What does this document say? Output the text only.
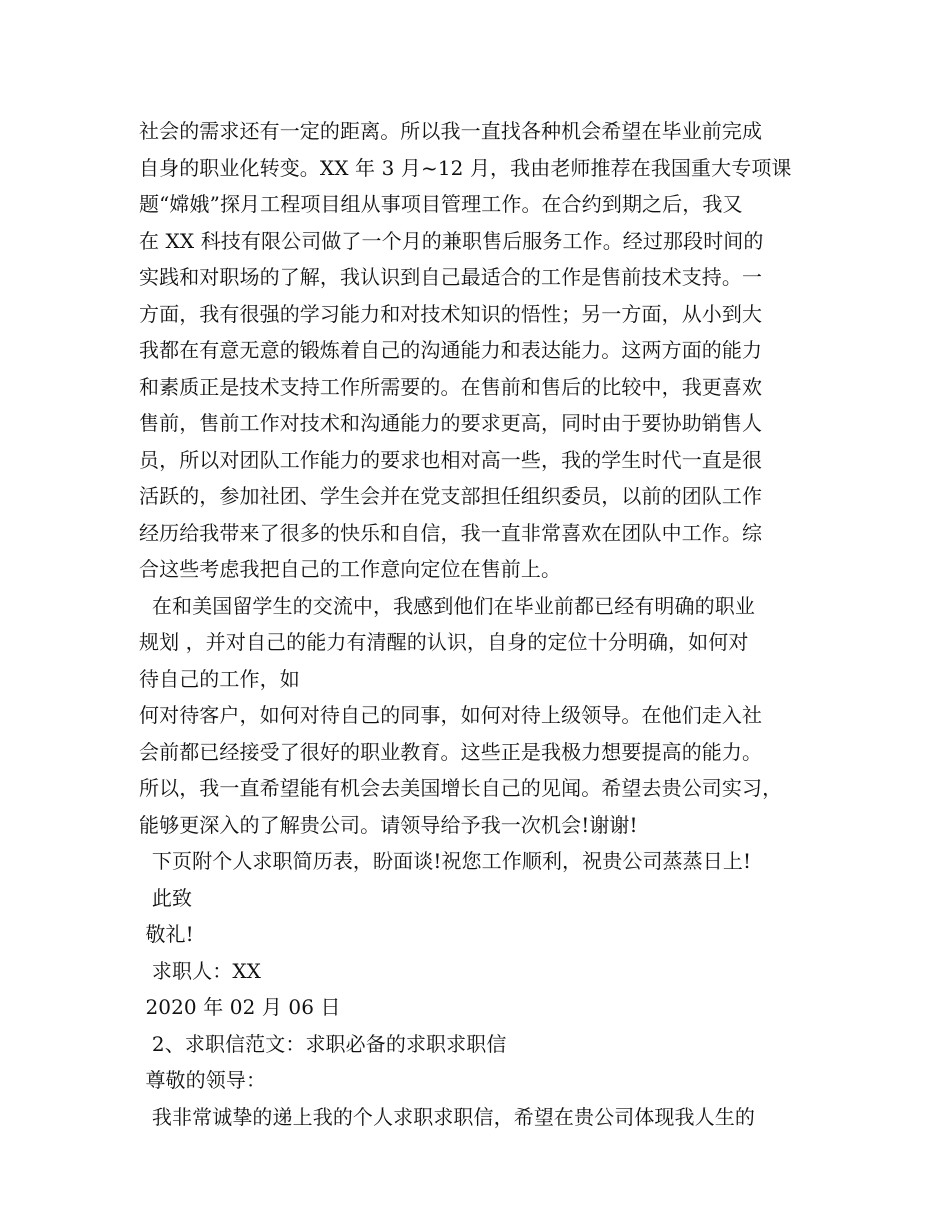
社会的需求还有一定的距离。所以我一直找各种机会希望在毕业前完成
自身的职业化转变。XX 年 3 月~12 月，我由老师推荐在我国重大专项课
题“嫦娥”探月工程项目组从事项目管理工作。在合约到期之后，我又
在 XX 科技有限公司做了一个月的兼职售后服务工作。经过那段时间的
实践和对职场的了解，我认识到自己最适合的工作是售前技术支持。一
方面，我有很强的学习能力和对技术知识的悟性；另一方面，从小到大
我都在有意无意的锻炼着自己的沟通能力和表达能力。这两方面的能力
和素质正是技术支持工作所需要的。在售前和售后的比较中，我更喜欢
售前，售前工作对技术和沟通能力的要求更高，同时由于要协助销售人
员，所以对团队工作能力的要求也相对高一些，我的学生时代一直是很
活跃的，参加社团、学生会并在党支部担任组织委员，以前的团队工作
经历给我带来了很多的快乐和自信，我一直非常喜欢在团队中工作。综
合这些考虑我把自己的工作意向定位在售前上。
在和美国留学生的交流中，我感到他们在毕业前都已经有明确的职业
规划 ，并对自己的能力有清醒的认识，自身的定位十分明确，如何对
待自己的工作，如
何对待客户，如何对待自己的同事，如何对待上级领导。在他们走入社
会前都已经接受了很好的职业教育。这些正是我极力想要提高的能力。
所以，我一直希望能有机会去美国增长自己的见闻。希望去贵公司实习，
能够更深入的了解贵公司。请领导给予我一次机会!谢谢!
下页附个人求职简历表，盼面谈!祝您工作顺利，祝贵公司蒸蒸日上!
此致
敬礼!
求职人：XX
2020 年 02 月 06 日
2、求职信范文：求职必备的求职求职信
尊敬的领导：
我非常诚挚的递上我的个人求职求职信，希望在贵公司体现我人生的
